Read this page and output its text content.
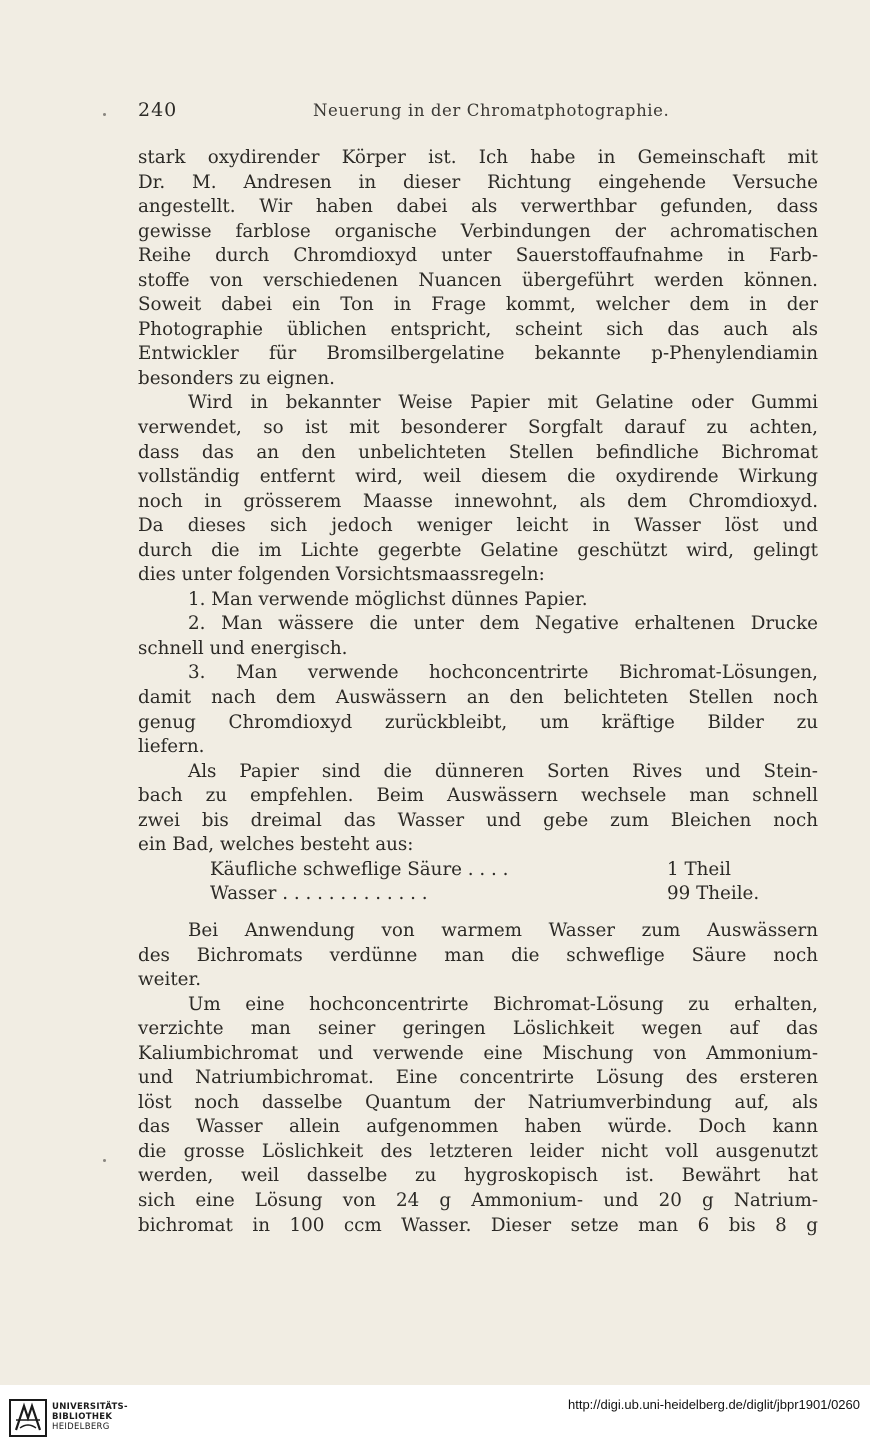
240	Neuerung in der Chromatphotographie.
stark oxydirender Körper ist. Ich habe in Gemeinschaft mit
Dr. M. Andresen in dieser Richtung eingehende Versuche
angestellt. Wir haben dabei als verwerthbar gefunden, dass
gewisse farblose organische Verbindungen der achromatischen
Reihe durch Chromdioxyd unter Sauerstoffaufnahme in Farb-
stoffe von verschiedenen Nuancen übergeführt werden können.
Soweit dabei ein Ton in Frage kommt, welcher dem in der
Photographie üblichen entspricht, scheint sich das auch als
Entwickler für Bromsilbergelatine bekannte p-Phenylendiamin
besonders zu eignen.
Wird in bekannter Weise Papier mit Gelatine oder Gummi
verwendet, so ist mit besonderer Sorgfalt darauf zu achten,
dass das an den unbelichteten Stellen befindliche Bichromat
vollständig entfernt wird, weil diesem die oxydirende Wirkung
noch in grösserem Maasse innewohnt, als dem Chromdioxyd.
Da dieses sich jedoch weniger leicht in Wasser löst und
durch die im Lichte gegerbte Gelatine geschützt wird, gelingt
dies unter folgenden Vorsichtsmaassregeln:
1. Man verwende möglichst dünnes Papier.
2. Man wässere die unter dem Negative erhaltenen Drucke
schnell und energisch.
3. Man verwende hochconcentrirte Bichromat-Lösungen,
damit nach dem Auswässern an den belichteten Stellen noch
genug Chromdioxyd zurückbleibt, um kräftige Bilder zu
liefern.
Als Papier sind die dünneren Sorten Rives und Stein-
bach zu empfehlen. Beim Auswässern wechsele man schnell
zwei bis dreimal das Wasser und gebe zum Bleichen noch
ein Bad, welches besteht aus:
Käufliche schweflige Säure . . . .	1 Theil
Wasser . . . . . . . . . . . . .	99 Theile.
Bei Anwendung von warmem Wasser zum Auswässern
des Bichromats verdünne man die schweflige Säure noch
weiter.
Um eine hochconcentrirte Bichromat-Lösung zu erhalten,
verzichte man seiner geringen Löslichkeit wegen auf das
Kaliumbichromat und verwende eine Mischung von Ammonium-
und Natriumbichromat. Eine concentrirte Lösung des ersteren
löst noch dasselbe Quantum der Natriumverbindung auf, als
das Wasser allein aufgenommen haben würde. Doch kann
die grosse Löslichkeit des letzteren leider nicht voll ausgenutzt
werden, weil dasselbe zu hygroskopisch ist. Bewährt hat
sich eine Lösung von 24 g Ammonium- und 20 g Natrium-
bichromat in 100 ccm Wasser. Dieser setze man 6 bis 8 g
UNIVERSITÄTS-
BIBLIOTHEK
HEIDELBERG
http://digi.ub.uni-heidelberg.de/diglit/jbpr1901/0260
